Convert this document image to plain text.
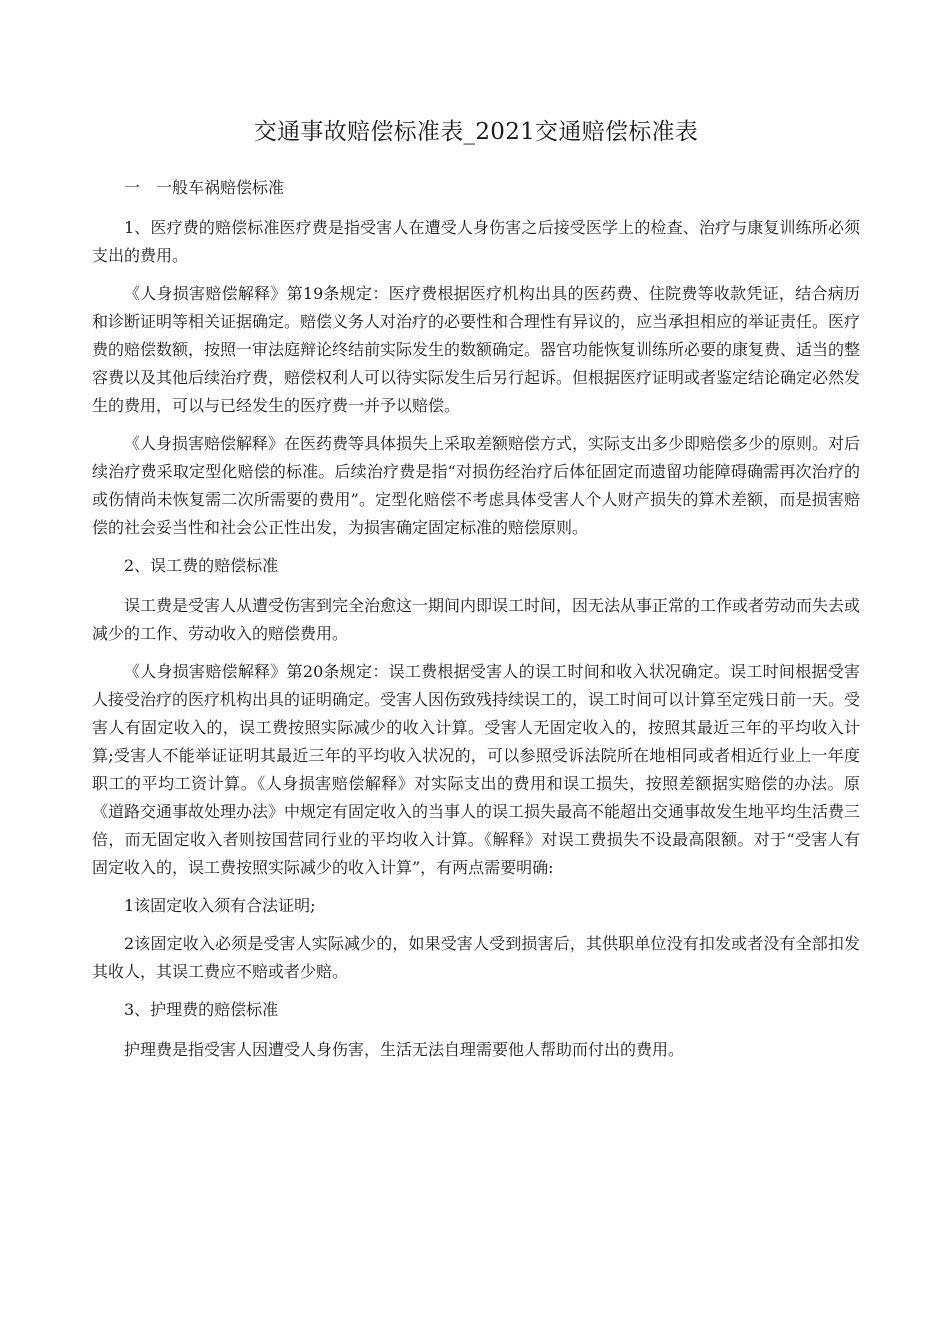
交通事故赔偿标准表_2021交通赔偿标准表

一　一般车祸赔偿标准

1、医疗费的赔偿标准医疗费是指受害人在遭受人身伤害之后接受医学上的检查、治疗与康复训练所必须支出的费用。

《人身损害赔偿解释》第19条规定：医疗费根据医疗机构出具的医药费、住院费等收款凭证，结合病历和诊断证明等相关证据确定。赔偿义务人对治疗的必要性和合理性有异议的，应当承担相应的举证责任。医疗费的赔偿数额，按照一审法庭辩论终结前实际发生的数额确定。器官功能恢复训练所必要的康复费、适当的整容费以及其他后续治疗费，赔偿权利人可以待实际发生后另行起诉。但根据医疗证明或者鉴定结论确定必然发生的费用，可以与已经发生的医疗费一并予以赔偿。

《人身损害赔偿解释》在医药费等具体损失上采取差额赔偿方式，实际支出多少即赔偿多少的原则。对后续治疗费采取定型化赔偿的标准。后续治疗费是指“对损伤经治疗后体征固定而遗留功能障碍确需再次治疗的或伤情尚未恢复需二次所需要的费用”。定型化赔偿不考虑具体受害人个人财产损失的算术差额，而是损害赔偿的社会妥当性和社会公正性出发，为损害确定固定标准的赔偿原则。

2、误工费的赔偿标准

误工费是受害人从遭受伤害到完全治愈这一期间内即误工时间，因无法从事正常的工作或者劳动而失去或减少的工作、劳动收入的赔偿费用。

《人身损害赔偿解释》第20条规定：误工费根据受害人的误工时间和收入状况确定。误工时间根据受害人接受治疗的医疗机构出具的证明确定。受害人因伤致残持续误工的，误工时间可以计算至定残日前一天。受害人有固定收入的，误工费按照实际减少的收入计算。受害人无固定收入的，按照其最近三年的平均收入计算;受害人不能举证证明其最近三年的平均收入状况的，可以参照受诉法院所在地相同或者相近行业上一年度职工的平均工资计算。《人身损害赔偿解释》对实际支出的费用和误工损失，按照差额据实赔偿的办法。原《道路交通事故处理办法》中规定有固定收入的当事人的误工损失最高不能超出交通事故发生地平均生活费三倍，而无固定收入者则按国营同行业的平均收入计算。《解释》对误工费损失不设最高限额。对于“受害人有固定收入的，误工费按照实际减少的收入计算”，有两点需要明确:

1该固定收入须有合法证明;

2该固定收入必须是受害人实际减少的，如果受害人受到损害后，其供职单位没有扣发或者没有全部扣发其收人，其误工费应不赔或者少赔。

3、护理费的赔偿标准

护理费是指受害人因遭受人身伤害，生活无法自理需要他人帮助而付出的费用。
